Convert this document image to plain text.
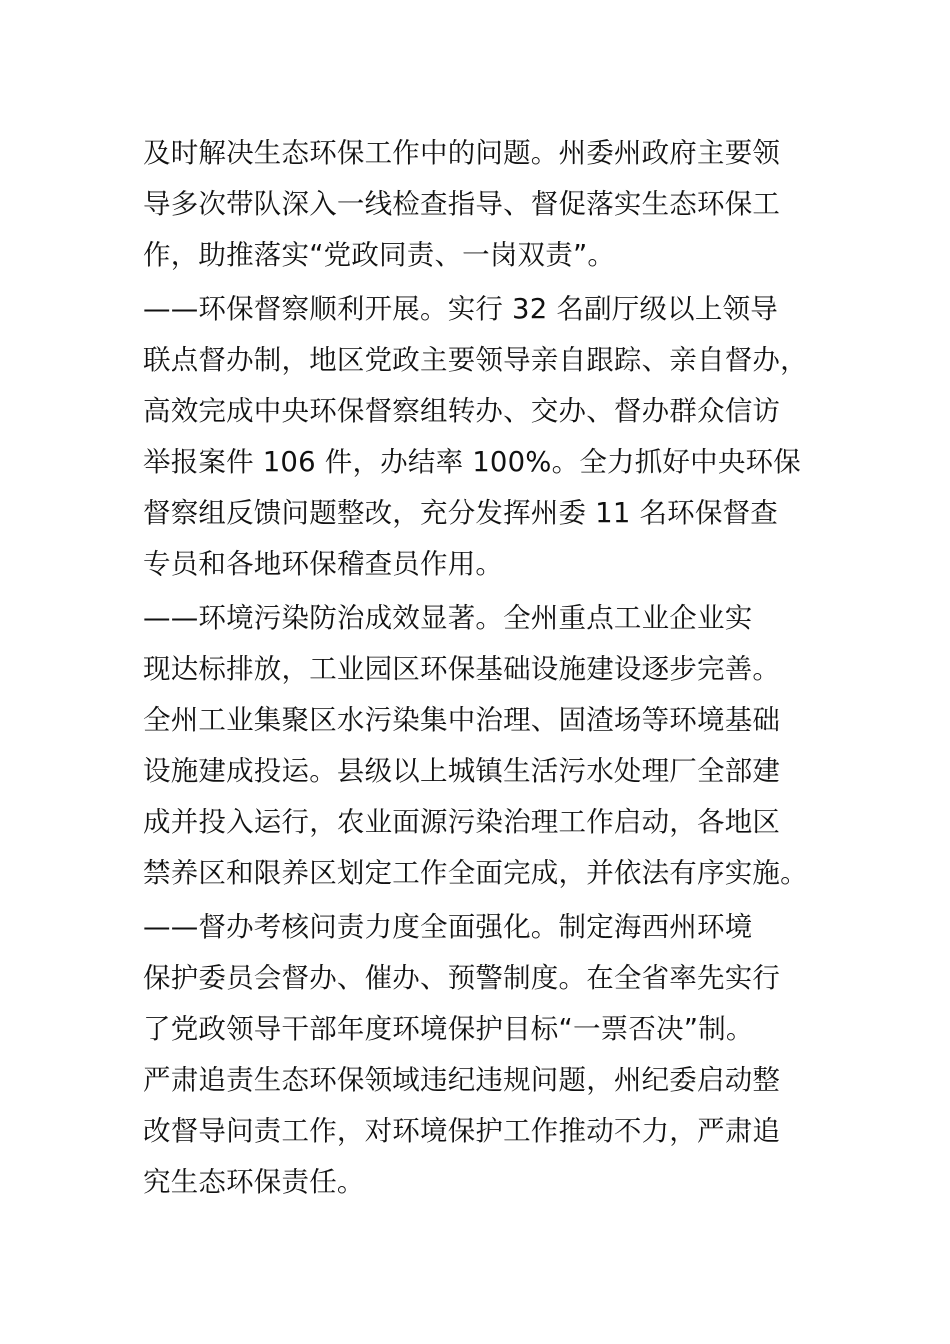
及时解决生态环保工作中的问题。州委州政府主要领
导多次带队深入一线检查指导、督促落实生态环保工
作，助推落实“党政同责、一岗双责”。
——环保督察顺利开展。实行 32 名副厅级以上领导
联点督办制，地区党政主要领导亲自跟踪、亲自督办，
高效完成中央环保督察组转办、交办、督办群众信访
举报案件 106 件，办结率 100%。全力抓好中央环保
督察组反馈问题整改，充分发挥州委 11 名环保督查
专员和各地环保稽查员作用。
——环境污染防治成效显著。全州重点工业企业实
现达标排放，工业园区环保基础设施建设逐步完善。
全州工业集聚区水污染集中治理、固渣场等环境基础
设施建成投运。县级以上城镇生活污水处理厂全部建
成并投入运行，农业面源污染治理工作启动，各地区
禁养区和限养区划定工作全面完成，并依法有序实施。
——督办考核问责力度全面强化。制定海西州环境
保护委员会督办、催办、预警制度。在全省率先实行
了党政领导干部年度环境保护目标“一票否决”制。
严肃追责生态环保领域违纪违规问题，州纪委启动整
改督导问责工作，对环境保护工作推动不力，严肃追
究生态环保责任。
